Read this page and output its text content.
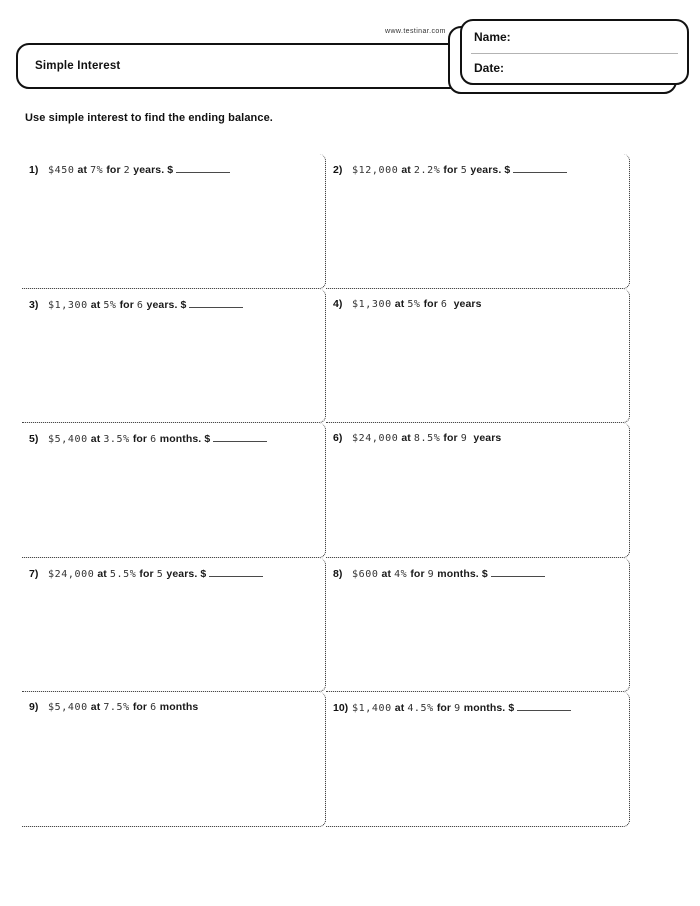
www.testinar.com
Simple Interest
Name:
Date:
Use simple interest to find the ending balance.
1) $450 at 7% for 2 years. $	2) $12,000 at 2.2% for 5 years. $
3) $1,300 at 5% for 6 years. $	4) $1,300 at 5% for 6  years
5) $5,400 at 3.5% for 6 months. $	6) $24,000 at 8.5% for 9  years
7) $24,000 at 5.5% for 5 years. $	8) $600 at 4% for 9 months. $
9) $5,400 at 7.5% for 6 months	10) $1,400 at 4.5% for 9 months. $
